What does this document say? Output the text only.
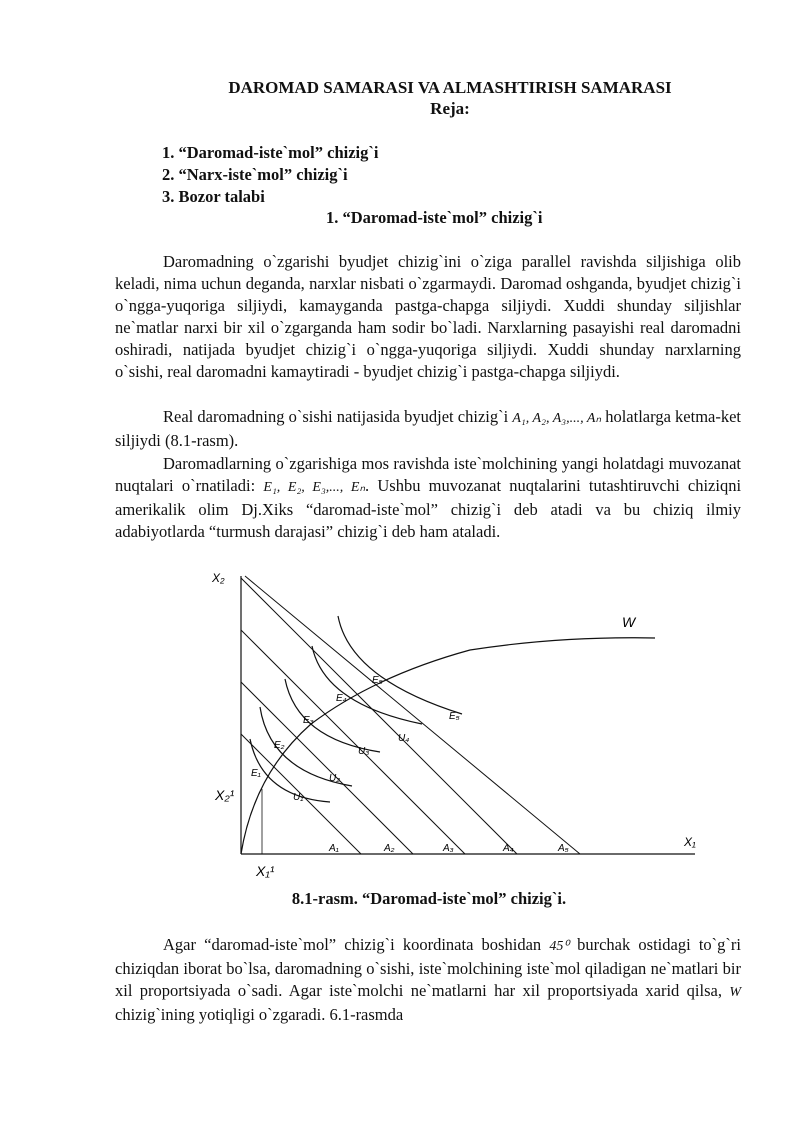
DAROMAD SAMARASI VA ALMASHTIRISH SAMARASI
Reja:
1. “Daromad-iste`mol” chizig`i
2. “Narx-iste`mol” chizig`i
3. Bozor talabi
1. “Daromad-iste`mol” chizig`i

Daromadning o`zgarishi byudjet chizig`ini o`ziga parallel ravishda siljishiga olib keladi, nima uchun deganda, narxlar nisbati o`zgarmaydi. Daromad oshganda, byudjet chizig`i o`ngga-yuqoriga siljiydi, kamayganda pastga-chapga siljiydi. Xuddi shunday siljishlar ne`matlar narxi bir xil o`zgarganda ham sodir bo`ladi. Narxlarning pasayishi real daromadni oshiradi, natijada byudjet chizig`i o`ngga-yuqoriga siljiydi. Xuddi shunday narxlarning o`sishi, real daromadni kamaytiradi - byudjet chizig`i pastga-chapga siljiydi.

Real daromadning o`sishi natijasida byudjet chizig`i A₁, A₂, A₃,..., Aₙ holatlarga ketma-ket siljiydi (8.1-rasm).

Daromadlarning o`zgarishiga mos ravishda iste`molchining yangi holatdagi muvozanat nuqtalari o`rnatiladi: E₁, E₂, E₃,..., Eₙ. Ushbu muvozanat nuqtalarini tutashtiruvchi chiziqni amerikalik olim Dj.Xiks “daromad-iste`mol” chizig`i deb atadi va bu chiziq ilmiy adabiyotlarda “turmush darajasi” chizig`i deb ham ataladi.

X₂
X₁
W
X₂¹
X₁¹
A₁	A₂	A₃	A₄	A₅
E₁
E₂
E₃
E₄
E₅
U₁
U₂
U₃
U₄
E₅
8.1-rasm. “Daromad-iste`mol” chizig`i.

Agar “daromad-iste`mol” chizig`i koordinata boshidan 45⁰ burchak ostidagi to`g`ri chiziqdan iborat bo`lsa, daromadning o`sishi, iste`molchining iste`mol qiladigan ne`matlari bir xil proportsiyada o`sadi. Agar iste`molchi ne`matlarni har xil proportsiyada xarid qilsa, W chizig`ining yotiqligi o`zgaradi. 6.1-rasmda
